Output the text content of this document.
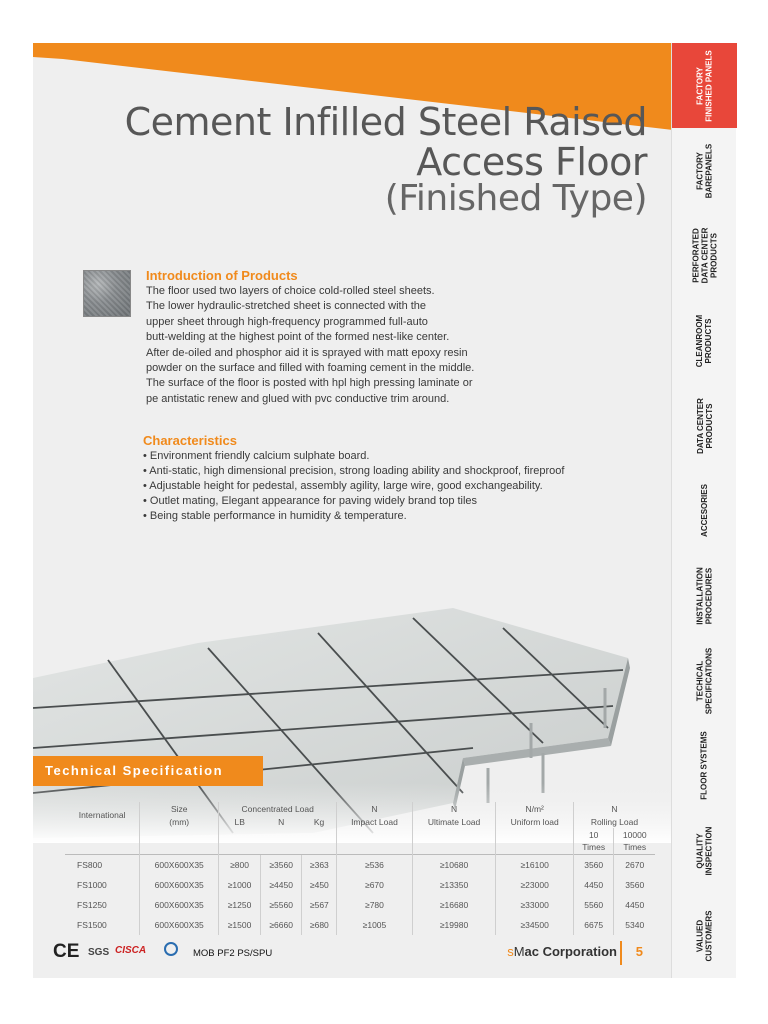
Cement Infilled Steel Raised
Access Floor
(Finished Type)
Introduction of Products
The floor used two layers of choice cold-rolled steel sheets.
The lower hydraulic-stretched sheet is connected with the
upper sheet through high-frequency programmed full-auto
butt-welding at the highest point of the formed nest-like center.
After de-oiled and phosphor aid it is sprayed with matt epoxy resin
powder on the surface and filled with foaming cement in the middle.
The surface of the floor is posted with hpl high pressing laminate or
pe antistatic renew and glued with pvc conductive trim around.
Characteristics
• Environment friendly calcium sulphate board.
• Anti-static, high dimensional precision, strong loading ability and shockproof, fireproof
• Adjustable height for pedestal, assembly agility, large wire, good exchangeability.
• Outlet mating, Elegant appearance for paving widely brand top tiles
• Being stable performance in humidity & temperature.
Technical Specification
International	Size	Concentrated Load			N	N	N/m²	N	
	(mm)	LB	N	Kg	Impact Load	Ultimate Load	Uniform load	Rolling Load	
								10	10000
								Times	Times

FS800	600X600X35	≥800	≥3560	≥363	≥536	≥10680	≥16100	3560	2670
FS1000	600X600X35	≥1000	≥4450	≥450	≥670	≥13350	≥23000	4450	3560
FS1250	600X600X35	≥1250	≥5560	≥567	≥780	≥16680	≥33000	5560	4450
FS1500	600X600X35	≥1500	≥6660	≥680	≥1005	≥19980	≥34500	6675	5340
CE SGS CISCA	MOB PF2 PS/SPU	sMac Corporation 5
FACTORY FINISHED PANELS
FACTORY BAREPANELS
PERFORATED DATA CENTER PRODUCTS
CLEANROOM PRODUCTS
DATA CENTER PRODUCTS
ACCESORIES
INSTALLATION PROCEDURES
TECHICAL SPECIFICATIONS
FLOOR SYSTEMS
QUALITY INSPECTION
VALUED CUSTOMERS
